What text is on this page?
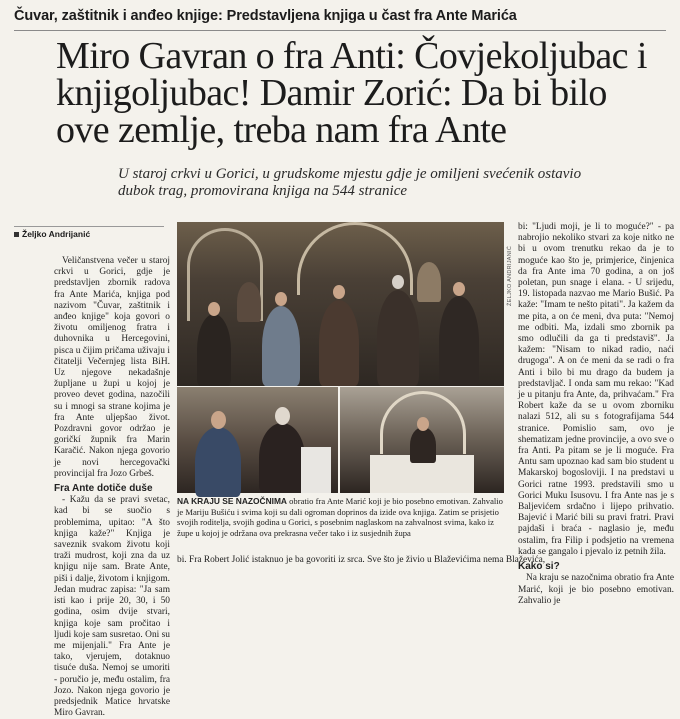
Čuvar, zaštitnik i anđeo knjige: Predstavljena knjiga u čast fra Ante Marića
Miro Gavran o fra Anti: Čovjekoljubac i knjigoljubac! Damir Zorić: Da bi bilo ove zemlje, treba nam fra Ante
U staroj crkvi u Gorici, u grudskome mjestu gdje je omiljeni svećenik ostavio dubok trag, promovirana knjiga na 544 stranice
Željko Andrijanić

Veličanstvena večer u staroj crkvi u Gorici, gdje je predstavljen zbornik radova fra Ante Marića, knjiga pod nazivom "Čuvar, zaštitnik i anđeo knjige" koja govori o životu omiljenog fratra i duhovnika u Hercegovini, pisca u čijim pričama uživaju i čitatelji Večernjeg lista BiH. Uz njegove nekadašnje župljane u župi u kojoj je proveo devet godina, nazočili su i mnogi sa strane kojima je fra Ante uljepšao život. Pozdravni govor održao je goričkí župnik fra Marin Karačić. Nakon njega govorio je novi hercegovački provincijal fra Jozo Grbeš.

Fra Ante dotiče duše

- Kažu da se pravi svetac, kad bi se suočio s problemima, upitao: "A što knjiga kaže?" Knjiga je saveznik svakom životu koji traži mudrost, koji zna da uz knjigu nije sam. Brate Ante, piši i dalje, životom i knjigom. Jedan mudrac zapisa: "Ja sam isti kao i prije 20, 30, i 50 godina, osim dvije stvari, knjiga koje sam pročitao i ljudi koje sam susretao. Oni su me mijenjali." Fra Ante je tako, vjerujem, dotaknuo tisuće duša. Nemoj se umoriti - poručio je, među ostalim, fra Jozo. Nakon njega govorio je predsjednik Matice hrvatske Miro Gavran.

ŽELJKO ANDRIJANIĆ
NA KRAJU SE NAZOČNIMA obratio fra Ante Marić koji je bio posebno emotivan. Zahvalio je Mariju Bušiću i svima koji su dali ogroman doprinos da izide ova knjiga. Zatim se prisjetio svojih roditelja, svojih godina u Gorici, s posebnim naglaskom na zahvalnost svima, kako iz župe u kojoj je održana ova prekrasna večer tako i iz susjednih župa
bi. Fra Robert Jolić istaknuo je ba govoriti iz srca. Sve što je živio u Blaževićima nema Blaževića,

bi: "Ljudi moji, je li to moguće?" - pa nabrojio nekoliko stvari za koje nitko ne bi u ovom trenutku rekao da je to moguće kao što je, primjerice, činjenica da fra Ante ima 70 godina, a on još poletan, pun snage i elana. - U srijedu, 19. listopada nazvao me Mario Bušić. Pa kaže: "Imam te nešto pitati". Ja kažem da me pita, a on će meni, dva puta: "Nemoj me odbiti. Ma, izdali smo zbornik pa smo odlučili da ga ti predstaviš". Ja kažem: "Nisam to nikad radio, naći drugoga". A on će meni da se radi o fra Anti i bilo bi mu drago da budem ja predstavljač. I onda sam mu rekao: "Kad je u pitanju fra Ante, da, prihvaćam." Fra Robert kaže da se u ovom zborniku nalazi 512, ali su s fotografijama 544 stranice. Pomislio sam, ovo je shematizam jedne provincije, a ovo sve o fra Anti. Pa pitam se je li moguće. Fra Antu sam upoznao kad sam bio student u Makarskoj bogosloviji. I na predstavi u Gorici ratne 1993. predstavili smo u Gorici Muku Isusovu. I fra Ante nas je s Baljevićem srdačno i lijepo prihvatio. Bajević i Marić bili su pravi fratri. Pravi pajdaši i braća - naglasio je, među ostalim, fra Filip i podsjetio na vremena kada se gangalo i pjevalo iz petnih žila.

Kako si?

Na kraju se nazočnima obratio fra Ante Marić, koji je bio posebno emotivan. Zahvalio je
